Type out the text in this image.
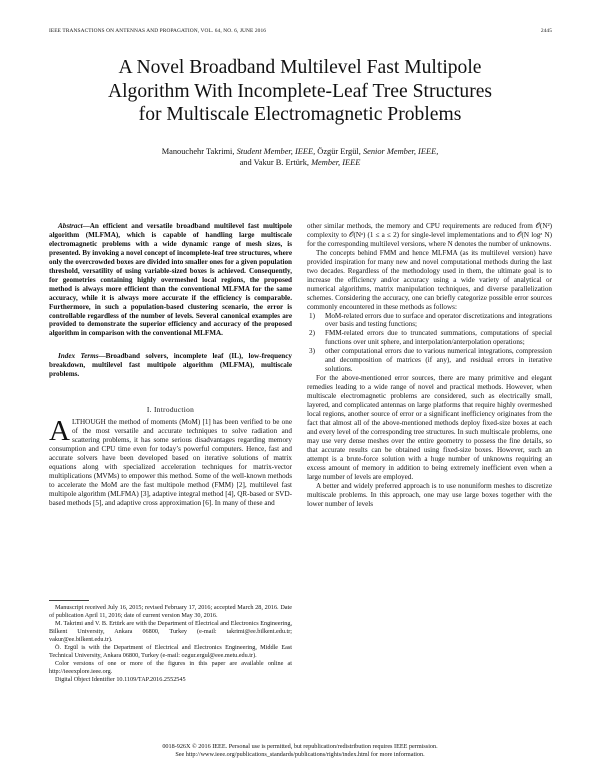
IEEE TRANSACTIONS ON ANTENNAS AND PROPAGATION, VOL. 64, NO. 6, JUNE 2016	2445
A Novel Broadband Multilevel Fast Multipole
Algorithm With Incomplete-Leaf Tree Structures
for Multiscale Electromagnetic Problems
Manouchehr Takrimi, Student Member, IEEE, Özgür Ergül, Senior Member, IEEE,
and Vakur B. Ertürk, Member, IEEE

Abstract—An efficient and versatile broadband multilevel fast multipole algorithm (MLFMA), which is capable of handling large multiscale electromagnetic problems with a wide dynamic range of mesh sizes, is presented. By invoking a novel concept of incomplete-leaf tree structures, where only the overcrowded boxes are divided into smaller ones for a given population threshold, versatility of using variable-sized boxes is achieved. Consequently, for geometries containing highly overmeshed local regions, the proposed method is always more efficient than the conventional MLFMA for the same accuracy, while it is always more accurate if the efficiency is comparable. Furthermore, in such a population-based clustering scenario, the error is controllable regardless of the number of levels. Several canonical examples are provided to demonstrate the superior efficiency and accuracy of the proposed algorithm in comparison with the conventional MLFMA.

Index Terms—Broadband solvers, incomplete leaf (IL), low-frequency breakdown, multilevel fast multipole algorithm (MLFMA), multiscale problems.

I. Introduction

ALTHOUGH the method of moments (MoM) [1] has been verified to be one of the most versatile and accurate techniques to solve radiation and scattering problems, it has some serious disadvantages regarding memory consumption and CPU time even for today’s powerful computers. Hence, fast and accurate solvers have been developed based on iterative solutions of matrix equations along with specialized acceleration techniques for matrix-vector multiplications (MVMs) to empower this method. Some of the well-known methods to accelerate the MoM are the fast multipole method (FMM) [2], multilevel fast multipole algorithm (MLFMA) [3], adaptive integral method [4], QR-based or SVD-based methods [5], and adaptive cross approximation [6]. In many of these and

Manuscript received July 16, 2015; revised February 17, 2016; accepted March 28, 2016. Date of publication April 11, 2016; date of current version May 30, 2016.

M. Takrimi and V. B. Ertürk are with the Department of Electrical and Electronics Engineering, Bilkent University, Ankara 06800, Turkey (e-mail: takrimi@ee.bilkent.edu.tr; vakur@ee.bilkent.edu.tr).

Ö. Ergül is with the Department of Electrical and Electronics Engineering, Middle East Technical University, Ankara 06800, Turkey (e-mail: ozgur.ergul@eee.metu.edu.tr).

Color versions of one or more of the figures in this paper are available online at http://ieeexplore.ieee.org.

Digital Object Identifier 10.1109/TAP.2016.2552545

other similar methods, the memory and CPU requirements are reduced from 𝒪(N²) complexity to 𝒪(Nᵃ) (1 ≤ a ≤ 2) for single-level implementations and to 𝒪(N logᵃ N) for the corresponding multilevel versions, where N denotes the number of unknowns.

The concepts behind FMM and hence MLFMA (as its multilevel version) have provided inspiration for many new and novel computational methods during the last two decades. Regardless of the methodology used in them, the ultimate goal is to increase the efficiency and/or accuracy using a wide variety of analytical or numerical algorithms, matrix manipulation techniques, and diverse parallelization schemes. Considering the accuracy, one can briefly categorize possible error sources commonly encountered in these methods as follows:

1) MoM-related errors due to surface and operator discretizations and integrations over basis and testing functions;
2) FMM-related errors due to truncated summations, computations of special functions over unit sphere, and interpolation/anterpolation operations;
3) other computational errors due to various numerical integrations, compression and decomposition of matrices (if any), and residual errors in iterative solutions.

For the above-mentioned error sources, there are many primitive and elegant remedies leading to a wide range of novel and practical methods. However, when multiscale electromagnetic problems are considered, such as electrically small, layered, and complicated antennas on large platforms that require highly overmeshed local regions, another source of error or a significant inefficiency originates from the fact that almost all of the above-mentioned methods deploy fixed-size boxes at each and every level of the corresponding tree structures. In such multiscale problems, one may use very dense meshes over the entire geometry to possess the fine details, so that accurate results can be obtained using fixed-size boxes. However, such an attempt is a brute-force solution with a huge number of unknowns requiring an excess amount of memory in addition to being extremely inefficient even when a large number of levels are employed.

A better and widely preferred approach is to use nonuniform meshes to discretize multiscale problems. In this approach, one may use large boxes together with the lower number of levels

0018-926X © 2016 IEEE. Personal use is permitted, but republication/redistribution requires IEEE permission.
See http://www.ieee.org/publications_standards/publications/rights/index.html for more information.
